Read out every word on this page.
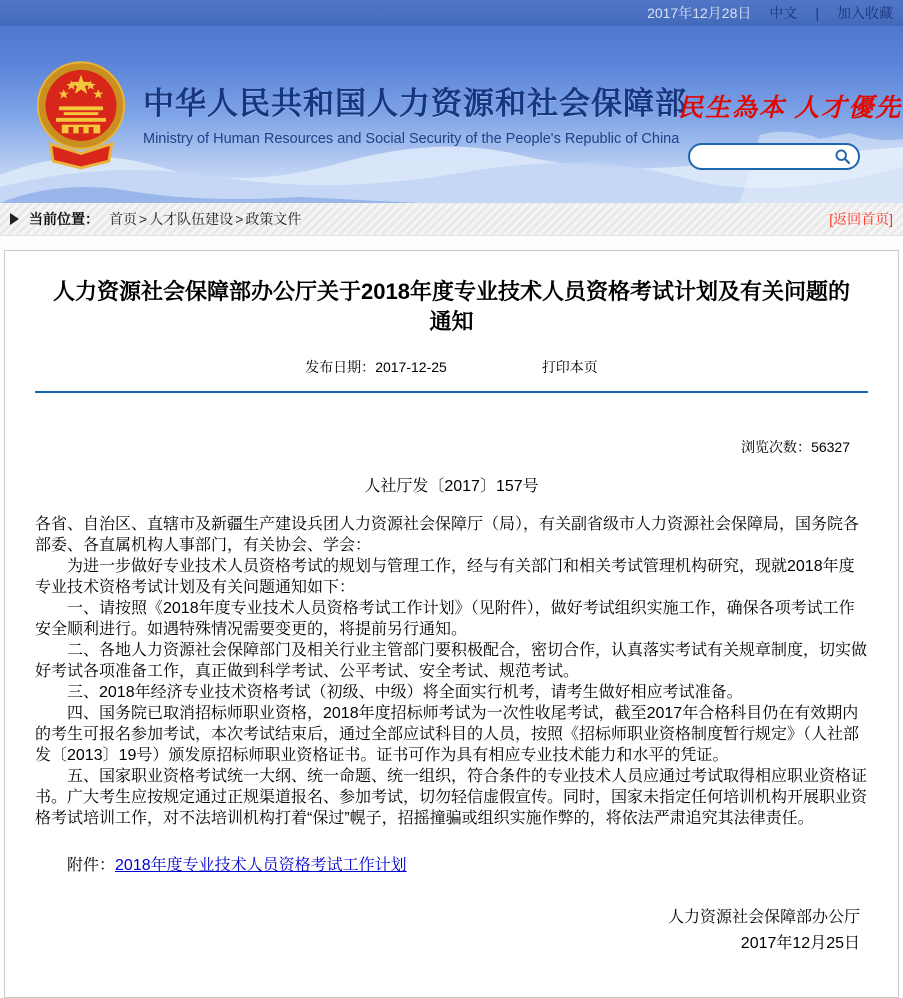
2017年12月28日 中文 | 加入收藏
中华人民共和国人力资源和社会保障部
Ministry of Human Resources and Social Security of the People's Republic of China
民生為本 人才優先
当前位置： 首页 > 人才队伍建设 > 政策文件	[返回首页]
人力资源社会保障部办公厅关于2018年度专业技术人员资格考试计划及有关问题的通知
发布日期：2017-12-25	打印本页
浏览次数：56327
人社厅发〔2017〕157号

各省、自治区、直辖市及新疆生产建设兵团人力资源社会保障厅（局），有关副省级市人力资源社会保障局，国务院各部委、各直属机构人事部门，有关协会、学会：

为进一步做好专业技术人员资格考试的规划与管理工作，经与有关部门和相关考试管理机构研究，现就2018年度专业技术资格考试计划及有关问题通知如下：

一、请按照《2018年度专业技术人员资格考试工作计划》（见附件），做好考试组织实施工作，确保各项考试工作安全顺利进行。如遇特殊情况需要变更的，将提前另行通知。

二、各地人力资源社会保障部门及相关行业主管部门要积极配合，密切合作，认真落实考试有关规章制度，切实做好考试各项准备工作，真正做到科学考试、公平考试、安全考试、规范考试。

三、2018年经济专业技术资格考试（初级、中级）将全面实行机考，请考生做好相应考试准备。

四、国务院已取消招标师职业资格，2018年度招标师考试为一次性收尾考试，截至2017年合格科目仍在有效期内的考生可报名参加考试，本次考试结束后，通过全部应试科目的人员，按照《招标师职业资格制度暂行规定》（人社部发〔2013〕19号）颁发原招标师职业资格证书。证书可作为具有相应专业技术能力和水平的凭证。

五、国家职业资格考试统一大纲、统一命题、统一组织，符合条件的专业技术人员应通过考试取得相应职业资格证书。广大考生应按规定通过正规渠道报名、参加考试，切勿轻信虚假宣传。同时，国家未指定任何培训机构开展职业资格考试培训工作，对不法培训机构打着“保过”幌子，招摇撞骗或组织实施作弊的，将依法严肃追究其法律责任。

附件：2018年度专业技术人员资格考试工作计划
人力资源社会保障部办公厅
2017年12月25日
